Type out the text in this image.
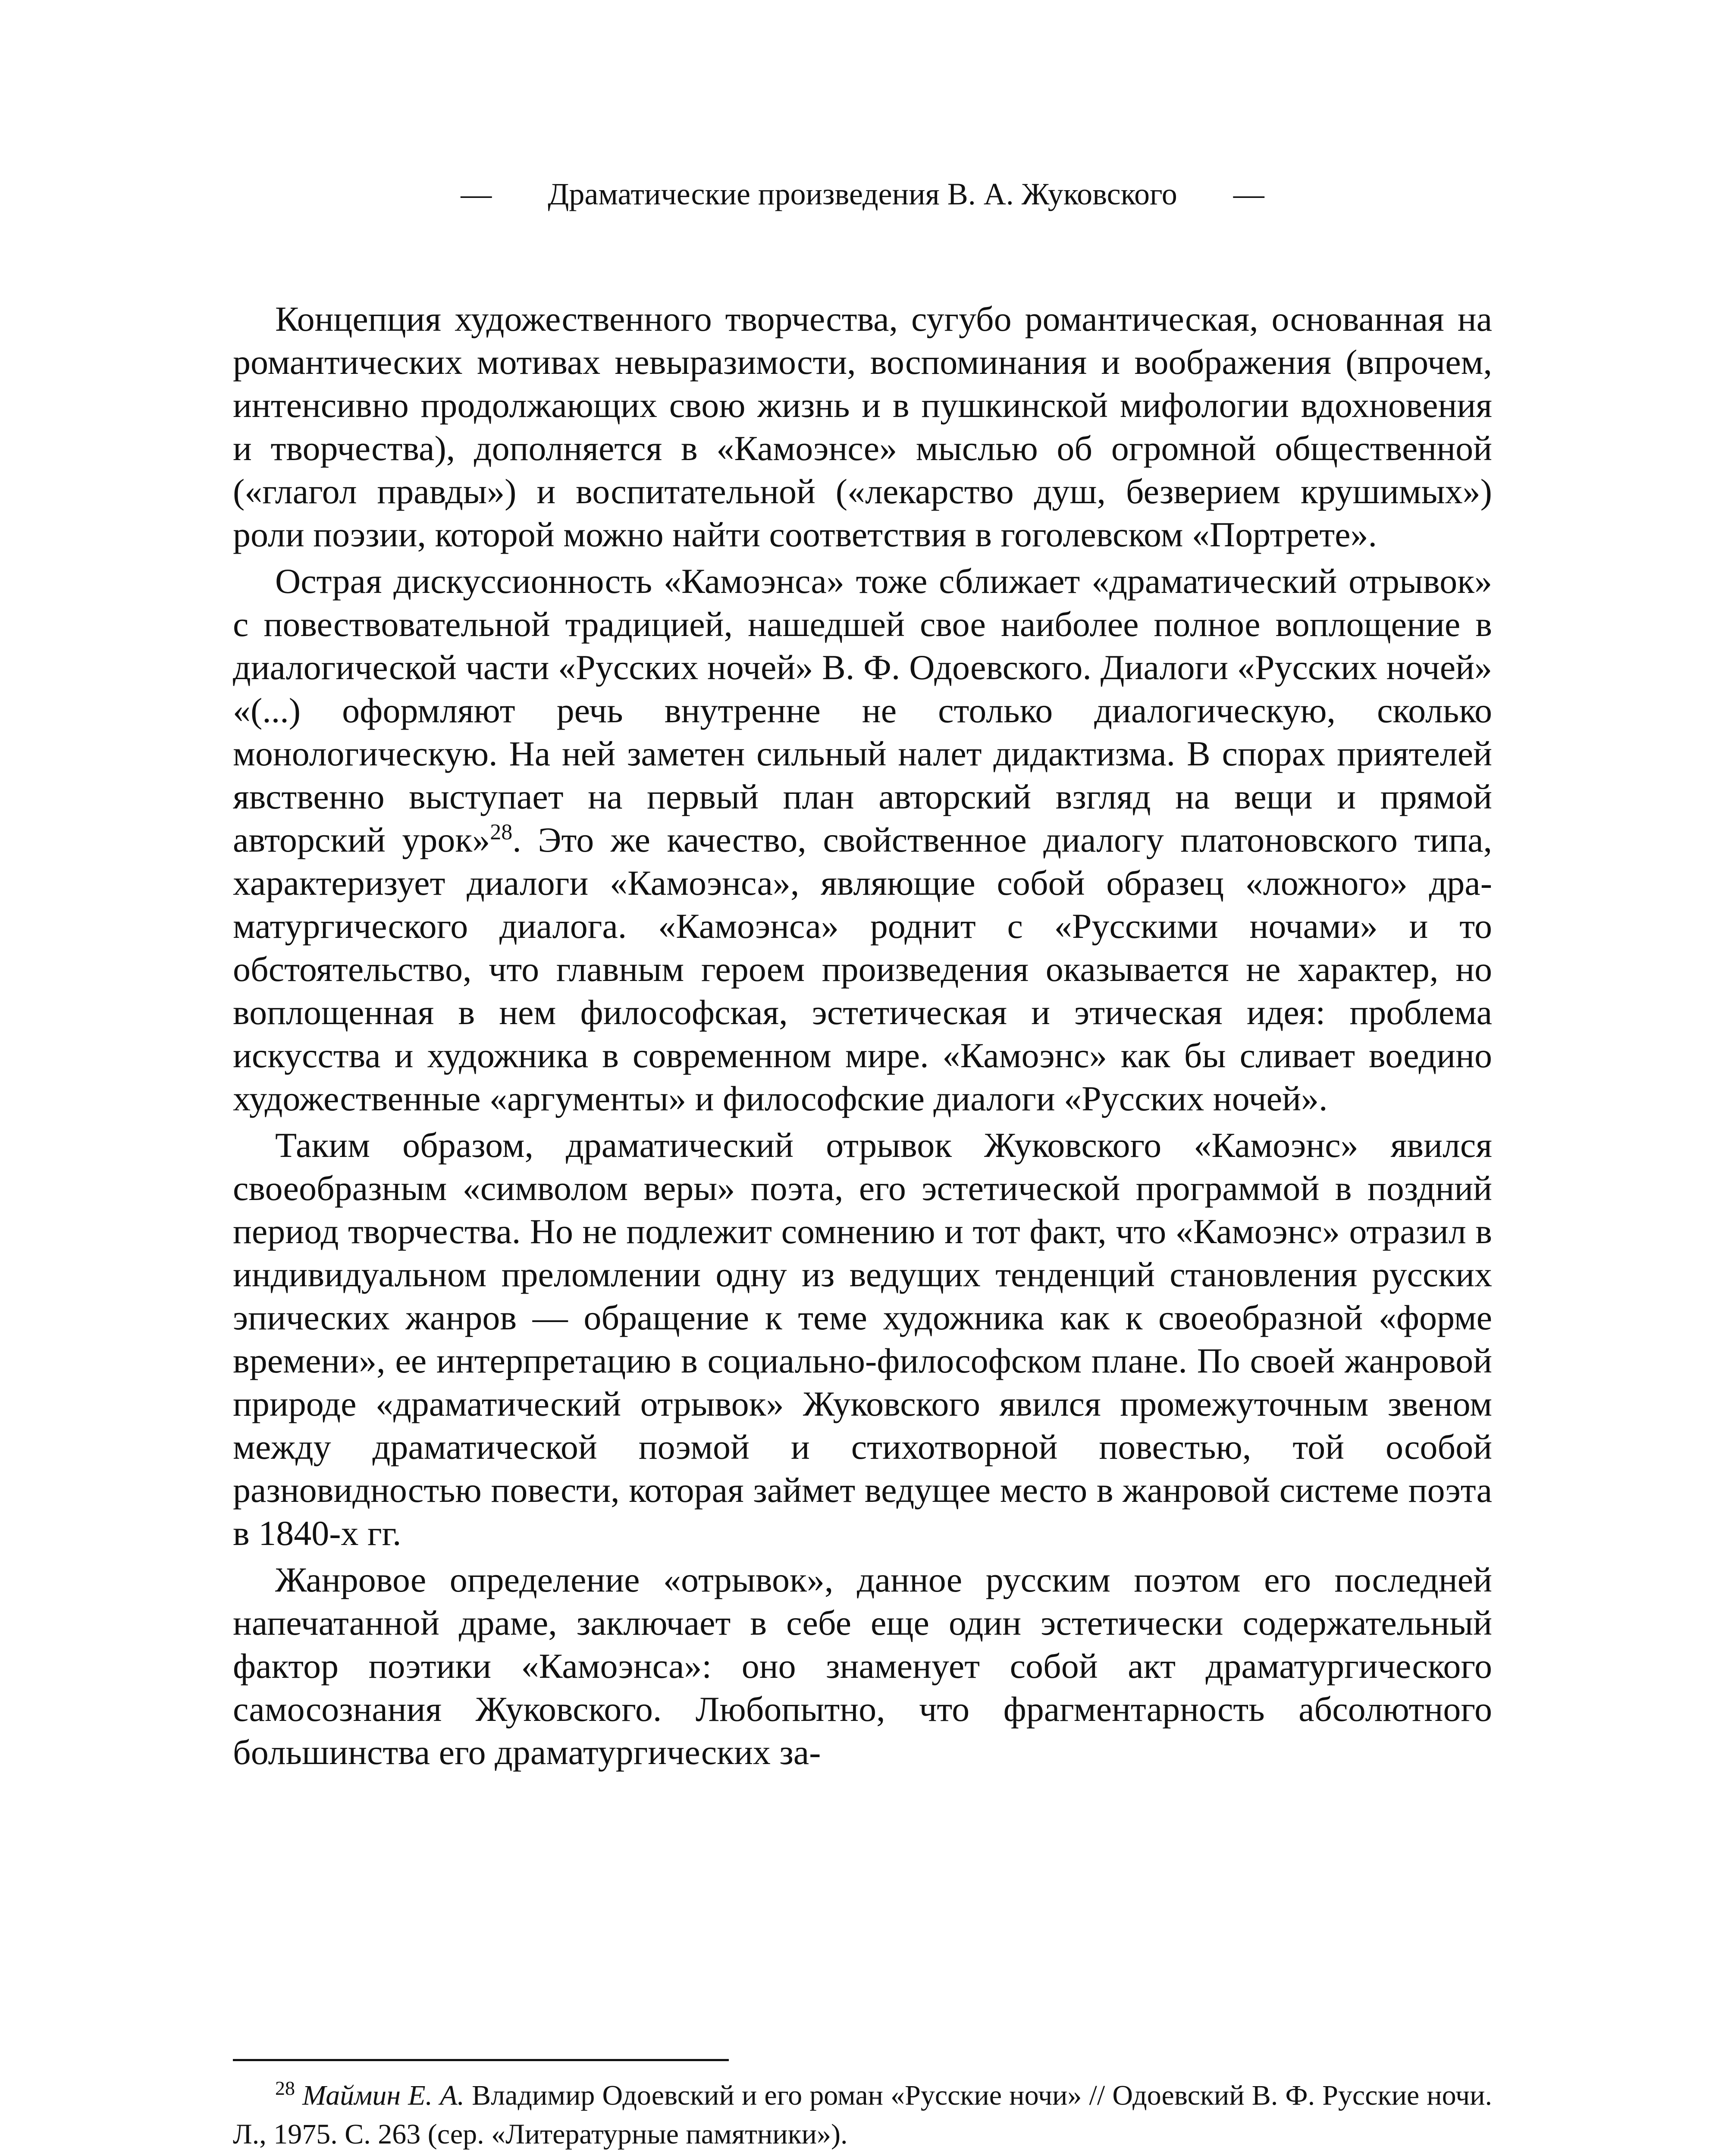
— Драматические произведения В. А. Жуковского —

Концепция художественного творчества, сугубо романтическая, основанная на романтических мотивах невыразимости, воспоминания и воображения (впрочем, интенсивно продолжающих свою жизнь и в пушкинской мифологии вдохновения и творчества), дополняется в «Камоэнсе» мыслью об огромной общественной («глагол правды») и воспитательной («лекарство душ, безверием крушимых») роли поэзии, которой можно найти соответствия в гоголевском «Портрете».

Острая дискуссионность «Камоэнса» тоже сближает «драматический отрывок» с повествовательной традицией, нашедшей свое наиболее полное воплощение в диалогической части «Русских ночей» В. Ф. Одоевского. Диалоги «Русских ночей» «(...) оформляют речь внутренне не столько диалогическую, сколько монологическую. На ней заметен сильный налет дидактизма. В спорах приятелей явственно выступает на первый план авторский взгляд на вещи и прямой авторский урок»$^{28}$. Это же качество, свойственное диалогу платоновского типа, характеризует диалоги «Камоэнса», являющие собой образец «ложного» драматургического диалога. «Камоэнса» роднит с «Русскими ночами» и то обстоятельство, что главным героем произведения оказывается не характер, но воплощенная в нем философская, эстетическая и этическая идея: проблема искусства и художника в современном мире. «Камоэнс» как бы сливает воедино художественные «аргументы» и философские диалоги «Русских ночей».

Таким образом, драматический отрывок Жуковского «Камоэнс» явился своеобразным «символом веры» поэта, его эстетической программой в поздний период творчества. Но не подлежит сомнению и тот факт, что «Камоэнс» отразил в индивидуальном преломлении одну из ведущих тенденций становления русских эпических жанров — обращение к теме художника как к своеобразной «форме времени», ее интерпретацию в социально-философском плане. По своей жанровой природе «драматический отрывок» Жуковского явился промежуточным звеном между драматической поэмой и стихотворной повестью, той особой разновидностью повести, которая займет ведущее место в жанровой системе поэта в 1840-х гг.

Жанровое определение «отрывок», данное русским поэтом его последней напечатанной драме, заключает в себе еще один эстетически содержательный фактор поэтики «Камоэнса»: оно знаменует собой акт драматургического самосознания Жуковского. Любопытно, что фрагментарность абсолютного большинства его драматургических за-

$^{28}$ Маймин Е. А. Владимир Одоевский и его роман «Русские ночи» // Одоевский В. Ф. Русские ночи. Л., 1975. С. 263 (сер. «Литературные памятники»).
